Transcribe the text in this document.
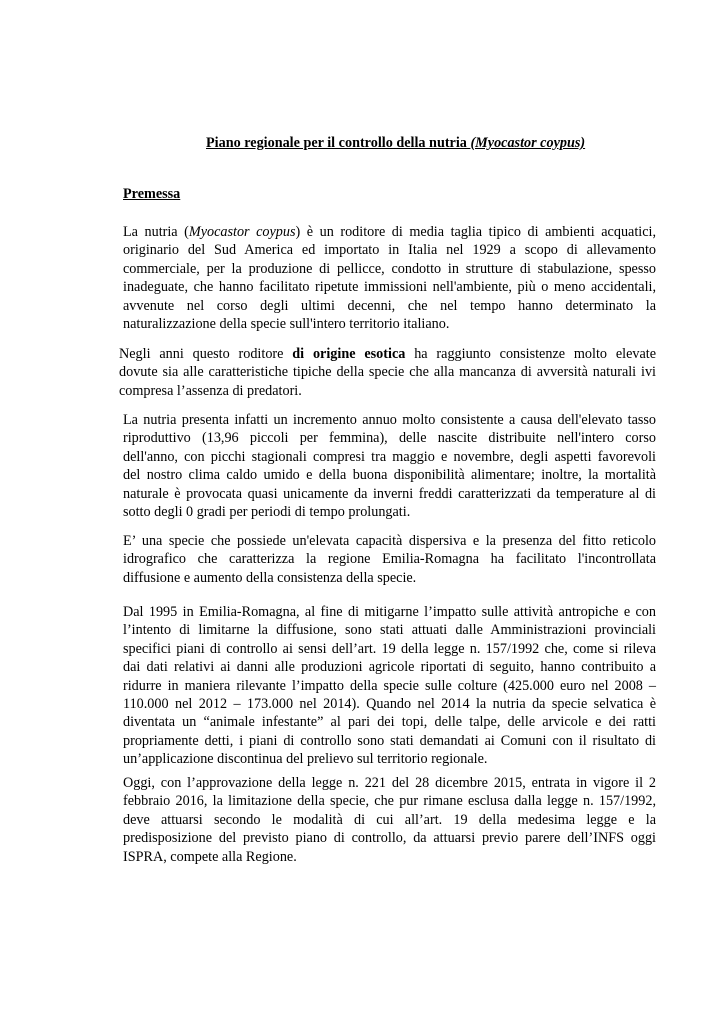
Piano regionale per il controllo della nutria (Myocastor coypus)

Premessa

La nutria (Myocastor coypus) è un roditore di media taglia tipico di ambienti acquatici,
originario del Sud America ed importato in Italia nel 1929 a scopo di allevamento
commerciale, per la produzione di pellicce, condotto in strutture di stabulazione, spesso
inadeguate, che hanno facilitato ripetute immissioni nell'ambiente, più o meno accidentali,
avvenute nel corso degli ultimi decenni, che nel tempo hanno determinato la
naturalizzazione della specie sull'intero territorio italiano.
Negli anni questo roditore di origine esotica ha raggiunto consistenze molto elevate
dovute sia alle caratteristiche tipiche della specie che alla mancanza di avversità naturali ivi
compresa l’assenza di predatori.
La nutria presenta infatti un incremento annuo molto consistente a causa dell'elevato tasso
riproduttivo (13,96 piccoli per femmina), delle nascite distribuite nell'intero corso
dell'anno, con picchi stagionali compresi tra maggio e novembre, degli aspetti favorevoli
del nostro clima caldo umido e della buona disponibilità alimentare; inoltre, la mortalità
naturale è provocata quasi unicamente da inverni freddi caratterizzati da temperature al di
sotto degli 0 gradi per periodi di tempo prolungati.
E’ una specie che possiede un'elevata capacità dispersiva e la presenza del fitto reticolo
idrografico che caratterizza la regione Emilia-Romagna ha facilitato l'incontrollata
diffusione e aumento della consistenza della specie.
Dal 1995 in Emilia-Romagna, al fine di mitigarne l’impatto sulle attività antropiche e con
l’intento di limitarne la diffusione, sono stati attuati dalle Amministrazioni provinciali
specifici piani di controllo ai sensi dell’art. 19 della legge n. 157/1992 che, come si rileva
dai dati relativi ai danni alle produzioni agricole riportati di seguito, hanno contribuito a
ridurre in maniera rilevante l’impatto della specie sulle colture (425.000 euro nel 2008 –
110.000 nel 2012 – 173.000 nel 2014). Quando nel 2014 la nutria da specie selvatica è
diventata un “animale infestante” al pari dei topi, delle talpe, delle arvicole e dei ratti
propriamente detti, i piani di controllo sono stati demandati ai Comuni con il risultato di
un’applicazione discontinua del prelievo sul territorio regionale.
Oggi, con l’approvazione della legge n. 221 del 28 dicembre 2015, entrata in vigore il 2
febbraio 2016, la limitazione della specie, che pur rimane esclusa dalla legge n. 157/1992,
deve attuarsi secondo le modalità di cui all’art. 19 della medesima legge e la
predisposizione del previsto piano di controllo, da attuarsi previo parere dell’INFS oggi
ISPRA, compete alla Regione.
